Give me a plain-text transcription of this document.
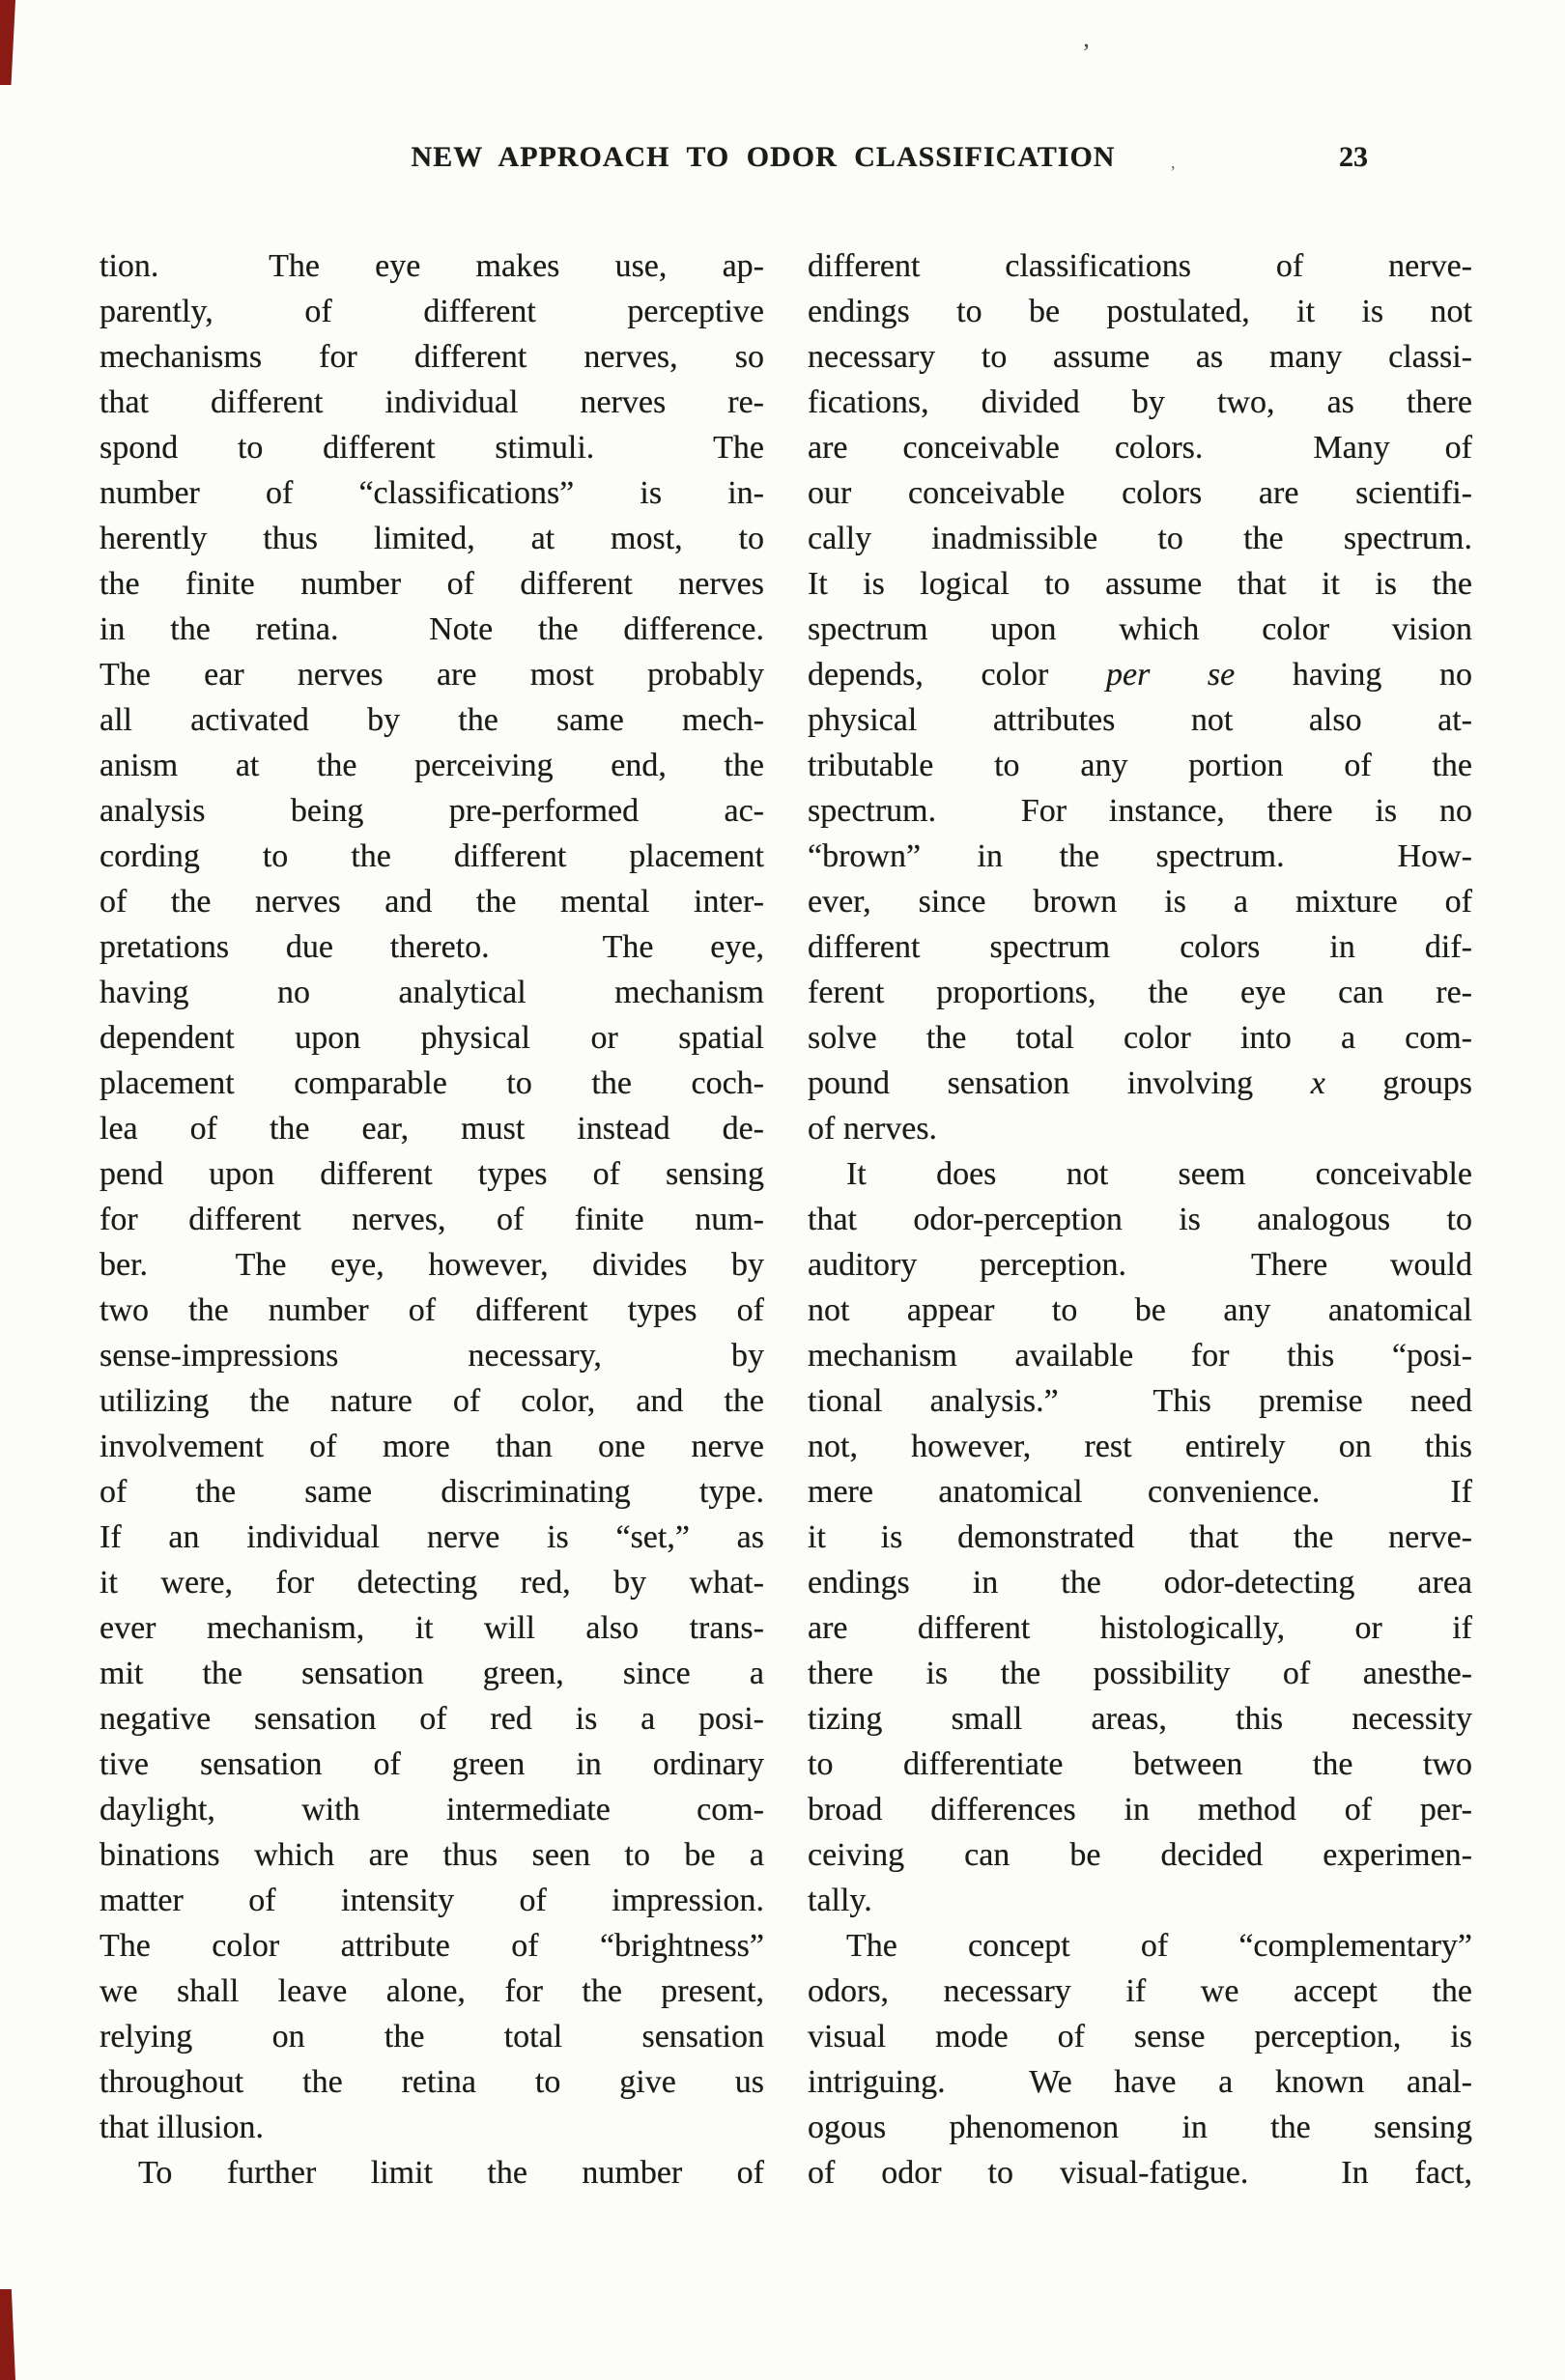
’
,
NEW APPROACH TO ODOR CLASSIFICATION	23
tion.  The eye makes use, ap-
parently, of different perceptive
mechanisms for different nerves, so
that different individual nerves re-
spond to different stimuli.  The
number of “classifications” is in-
herently thus limited, at most, to
the finite number of different nerves
in the retina.  Note the difference.
The ear nerves are most probably
all activated by the same mech-
anism at the perceiving end, the
analysis being pre-performed ac-
cording to the different placement
of the nerves and the mental inter-
pretations due thereto.  The eye,
having no analytical mechanism
dependent upon physical or spatial
placement comparable to the coch-
lea of the ear, must instead de-
pend upon different types of sensing
for different nerves, of finite num-
ber.  The eye, however, divides by
two the number of different types of
sense-impressions necessary, by
utilizing the nature of color, and the
involvement of more than one nerve
of the same discriminating type.
If an individual nerve is “set,” as
it were, for detecting red, by what-
ever mechanism, it will also trans-
mit the sensation green, since a
negative sensation of red is a posi-
tive sensation of green in ordinary
daylight, with intermediate com-
binations which are thus seen to be a
matter of intensity of impression.
The color attribute of “brightness”
we shall leave alone, for the present,
relying on the total sensation
throughout the retina to give us
that illusion.
To further limit the number of
different classifications of nerve-
endings to be postulated, it is not
necessary to assume as many classi-
fications, divided by two, as there
are conceivable colors.  Many of
our conceivable colors are scientifi-
cally inadmissible to the spectrum.
It is logical to assume that it is the
spectrum upon which color vision
depends, color per se having no
physical attributes not also at-
tributable to any portion of the
spectrum.  For instance, there is no
“brown” in the spectrum.  How-
ever, since brown is a mixture of
different spectrum colors in dif-
ferent proportions, the eye can re-
solve the total color into a com-
pound sensation involving x groups
of nerves.
It does not seem conceivable
that odor-perception is analogous to
auditory perception.  There would
not appear to be any anatomical
mechanism available for this “posi-
tional analysis.”  This premise need
not, however, rest entirely on this
mere anatomical convenience.  If
it is demonstrated that the nerve-
endings in the odor-detecting area
are different histologically, or if
there is the possibility of anesthe-
tizing small areas, this necessity
to differentiate between the two
broad differences in method of per-
ceiving can be decided experimen-
tally.
The concept of “complementary”
odors, necessary if we accept the
visual mode of sense perception, is
intriguing.  We have a known anal-
ogous phenomenon in the sensing
of odor to visual-fatigue.  In fact,
